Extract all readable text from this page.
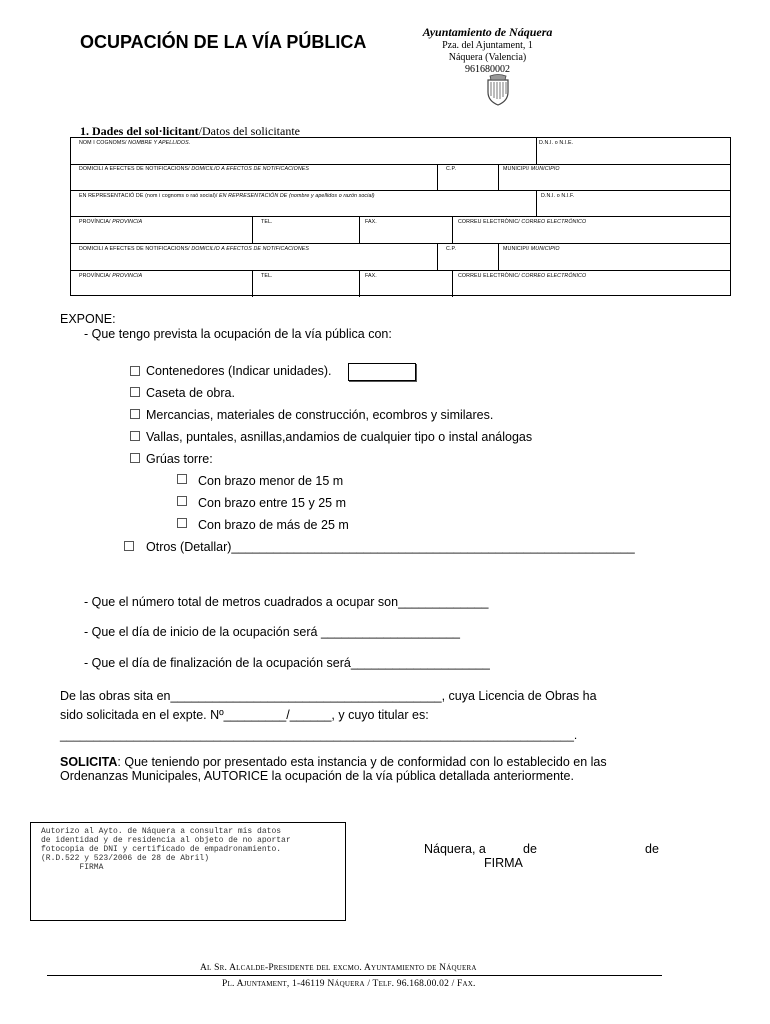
OCUPACIÓN DE LA VÍA PÚBLICA	Ayuntamiento de Náquera
Pza. del Ajuntament, 1
Náquera (Valencia)
961680002
1. Dades del sol·licitant/Datos del solicitante
NOM I COGNOMS/ NOMBRE Y APELLIDOS.	D.N.I. o N.I.E.
DOMICILI A EFECTES DE NOTIFICACIONS/ DOMICILIO A EFECTOS DE NOTIFICACIONES	C.P.	MUNICIPI/ MUNICIPIO
EN REPRESENTACIÓ DE (nom i cognoms o raó social)/ EN REPRESENTACIÓN DE (nombre y apellidos o razón social)	D.N.I. o N.I.F.
PROVÍNCIA/ PROVINCIA	TEL.	FAX.	CORREU ELECTRÒNIC/ CORREO ELECTRÓNICO
DOMICILI A EFECTES DE NOTIFICACIONS/ DOMICILIO A EFECTOS DE NOTIFICACIONES	C.P.	MUNICIPI/ MUNICIPIO
PROVÍNCIA/ PROVINCIA	TEL.	FAX.	CORREU ELECTRÒNIC/ CORREO ELECTRÓNICO
EXPONE:
- Que tengo prevista la ocupación de la vía pública con:
Contenedores (Indicar unidades).
Caseta de obra.
Mercancias, materiales de construcción, ecombros y similares.
Vallas, puntales, asnillas,andamios de cualquier tipo o instal análogas
Grúas torre:
Con brazo menor de 15 m
Con brazo entre 15 y 25 m
Con brazo de más de 25 m
Otros (Detallar)__________________________________________________________
- Que el número total de metros cuadrados a ocupar son_____________
- Que el día de inicio de la ocupación será ____________________
- Que el día de finalización de la ocupación será____________________
De las obras sita en_______________________________________, cuya Licencia de Obras ha
sido solicitada en el expte. Nº_________/______, y cuyo titular es:
_____________________________________________________________________________.
SOLICITA: Que teniendo por presentado esta instancia y de conformidad con lo establecido en las
Ordenanzas Municipales, AUTORICE la ocupación de la vía pública detallada anteriormente.
Autorizo al Ayto. de Náquera a consultar mis datos
de identidad y de residencia al objeto de no aportar
fotocopia de DNI y certificado de empadronamiento.
(R.D.522 y 523/2006 de 28 de Abril)
FIRMA
Náquera, a	de	de
FIRMA
Al Sr. Alcalde-Presidente del excmo. Ayuntamiento de Náquera
Pl. Ajuntament, 1-46119 Náquera / Telf. 96.168.00.02 / Fax.
